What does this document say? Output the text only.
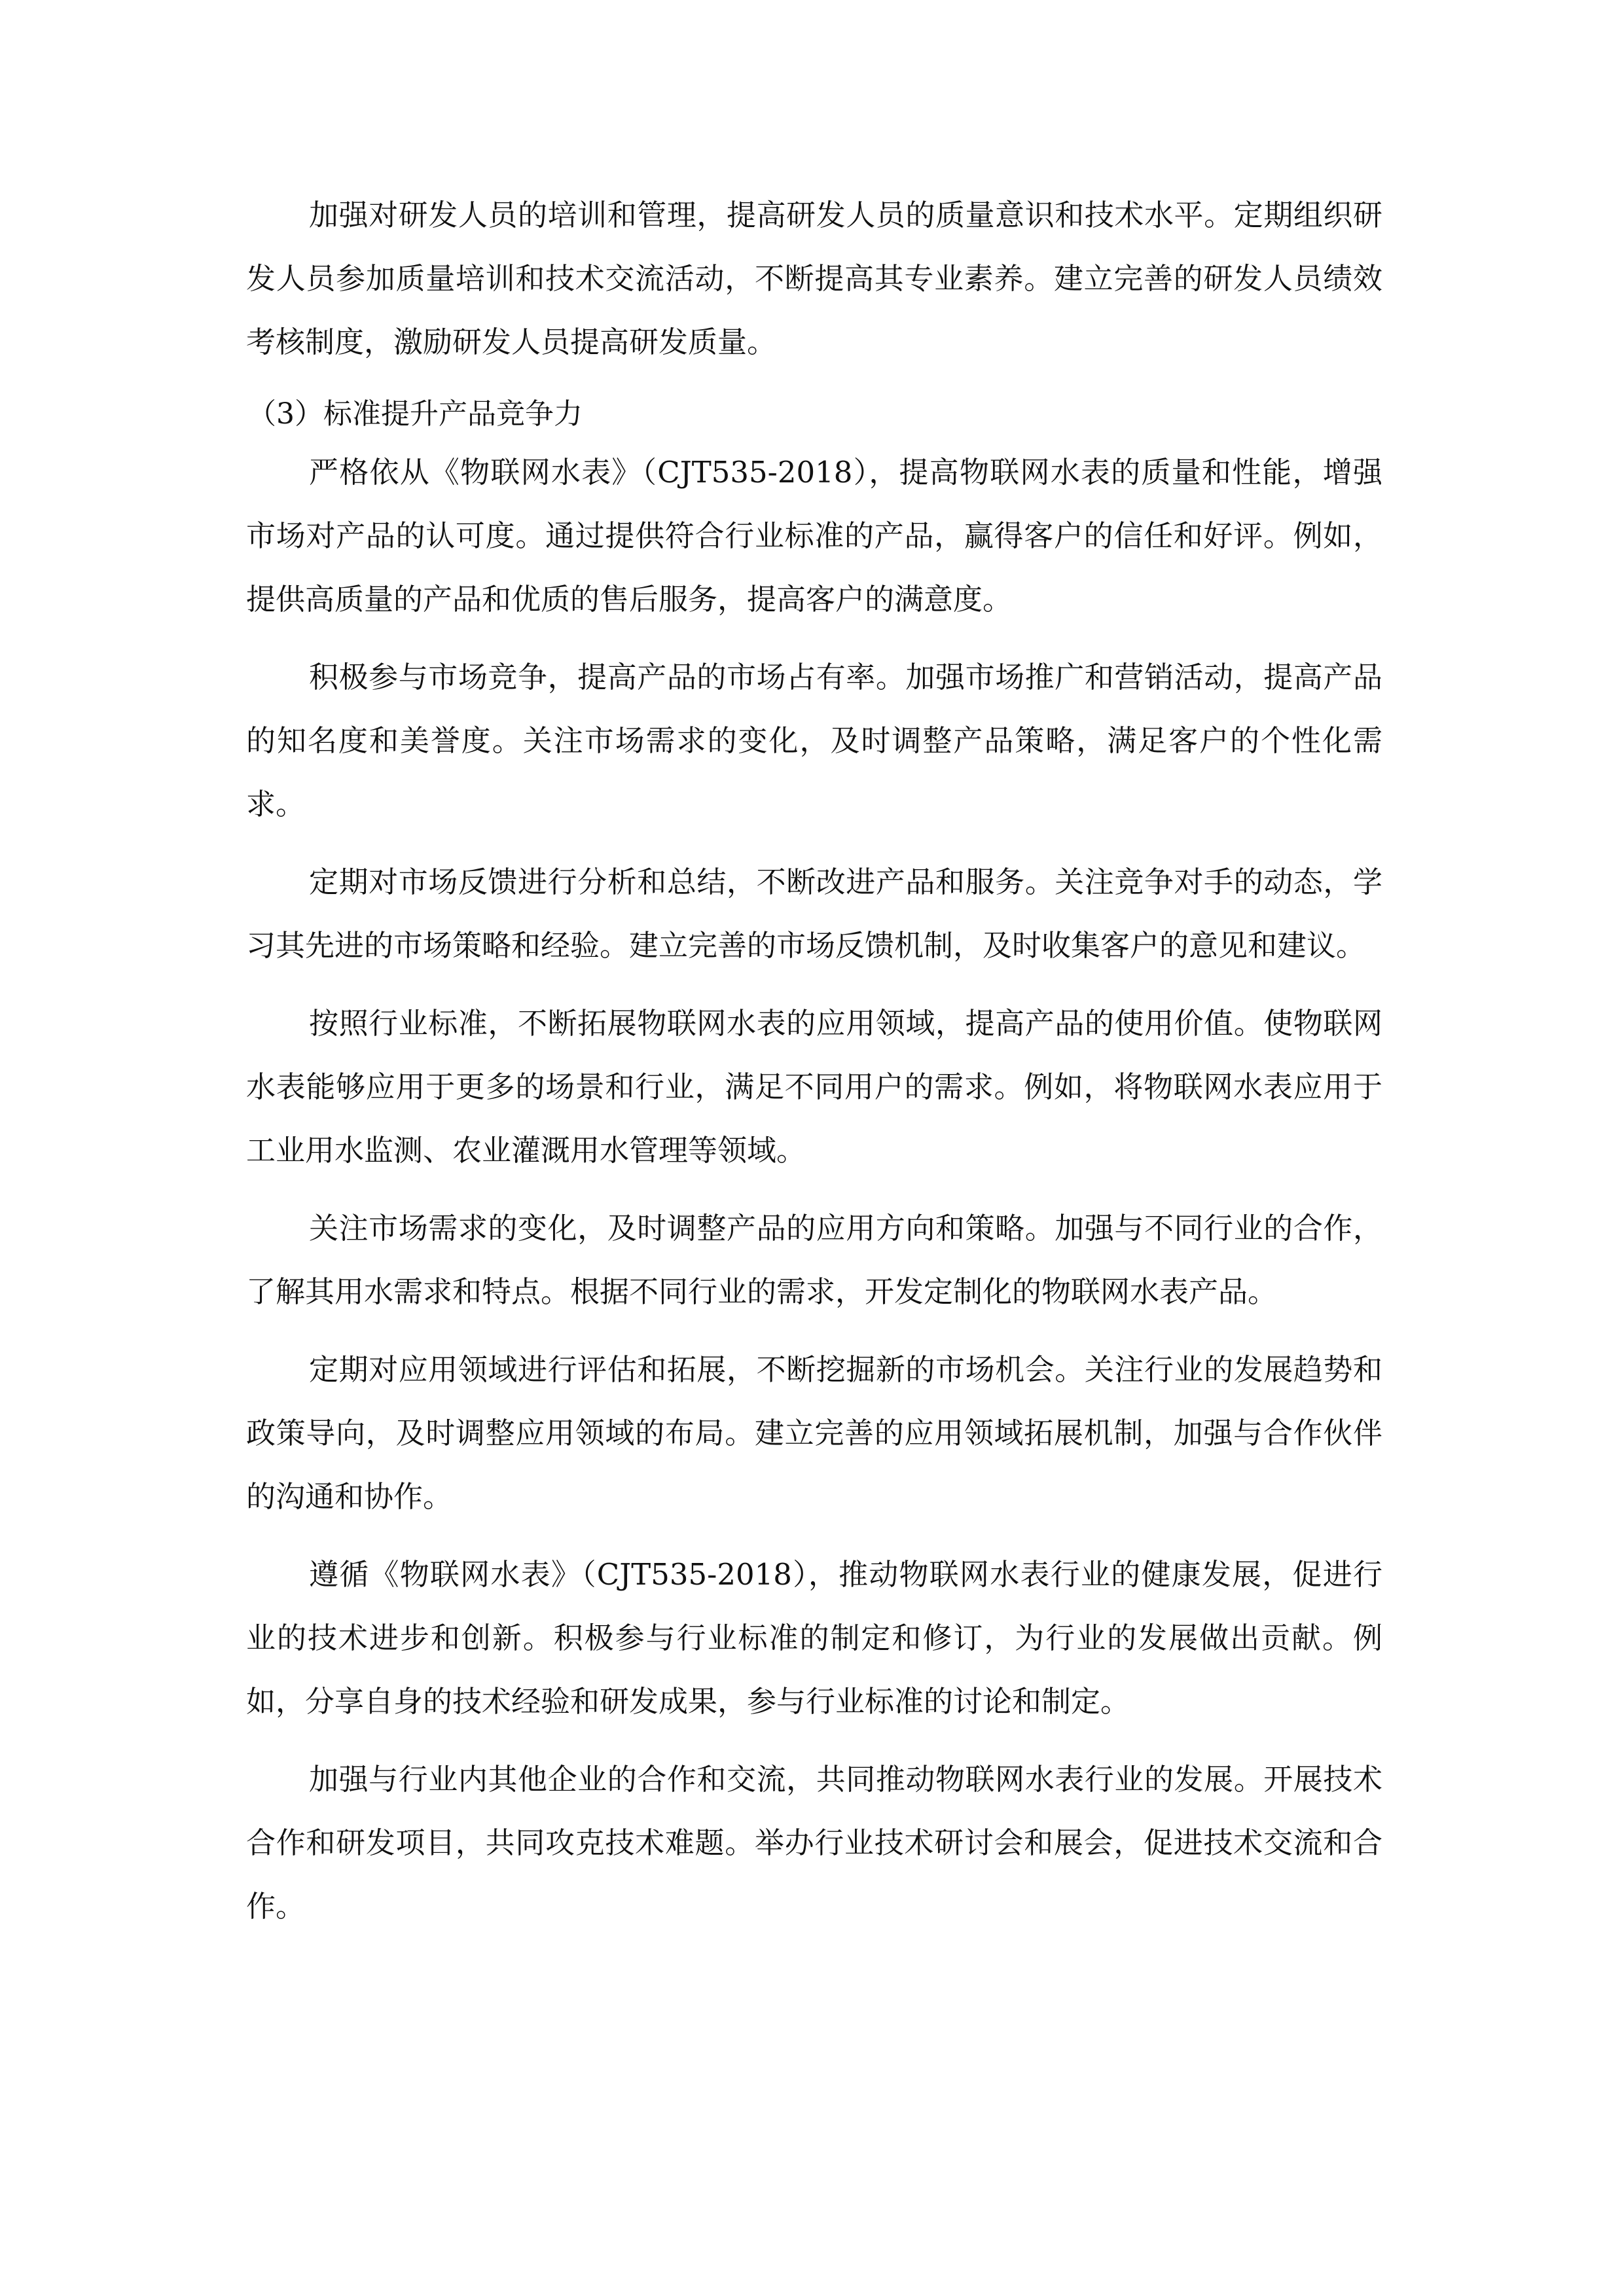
加强对研发人员的培训和管理，提高研发人员的质量意识和技术水平。定期组织研发人员参加质量培训和技术交流活动，不断提高其专业素养。建立完善的研发人员绩效考核制度，激励研发人员提高研发质量。

（3）标准提升产品竞争力

严格依从《物联网水表》（CJT535-2018），提高物联网水表的质量和性能，增强市场对产品的认可度。通过提供符合行业标准的产品，赢得客户的信任和好评。例如，提供高质量的产品和优质的售后服务，提高客户的满意度。

积极参与市场竞争，提高产品的市场占有率。加强市场推广和营销活动，提高产品的知名度和美誉度。关注市场需求的变化，及时调整产品策略，满足客户的个性化需求。

定期对市场反馈进行分析和总结，不断改进产品和服务。关注竞争对手的动态，学习其先进的市场策略和经验。建立完善的市场反馈机制，及时收集客户的意见和建议。

按照行业标准，不断拓展物联网水表的应用领域，提高产品的使用价值。使物联网水表能够应用于更多的场景和行业，满足不同用户的需求。例如，将物联网水表应用于工业用水监测、农业灌溉用水管理等领域。

关注市场需求的变化，及时调整产品的应用方向和策略。加强与不同行业的合作，了解其用水需求和特点。根据不同行业的需求，开发定制化的物联网水表产品。

定期对应用领域进行评估和拓展，不断挖掘新的市场机会。关注行业的发展趋势和政策导向，及时调整应用领域的布局。建立完善的应用领域拓展机制，加强与合作伙伴的沟通和协作。

遵循《物联网水表》（CJT535-2018），推动物联网水表行业的健康发展，促进行业的技术进步和创新。积极参与行业标准的制定和修订，为行业的发展做出贡献。例如，分享自身的技术经验和研发成果，参与行业标准的讨论和制定。

加强与行业内其他企业的合作和交流，共同推动物联网水表行业的发展。开展技术合作和研发项目，共同攻克技术难题。举办行业技术研讨会和展会，促进技术交流和合作。
